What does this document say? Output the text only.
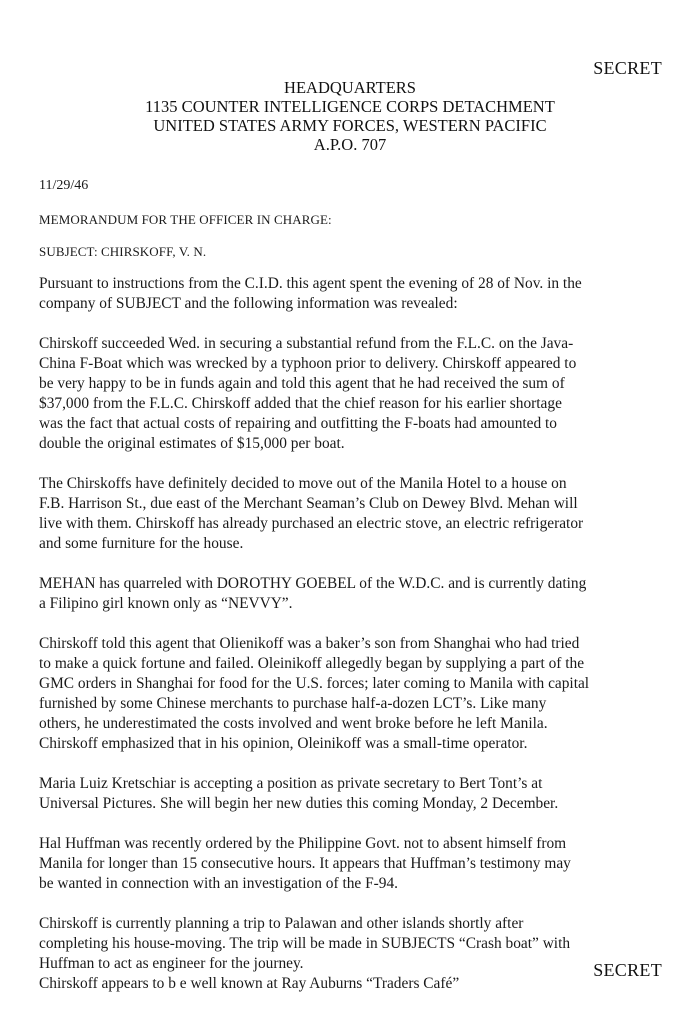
SECRET
HEADQUARTERS
1135 COUNTER INTELLIGENCE CORPS DETACHMENT
UNITED STATES ARMY FORCES, WESTERN PACIFIC
A.P.O. 707
11/29/46
MEMORANDUM FOR THE OFFICER IN CHARGE:
SUBJECT: CHIRSKOFF, V. N.
Pursuant to instructions from the C.I.D. this agent spent the evening of 28 of Nov. in the
company of SUBJECT and the following information was revealed:
Chirskoff succeeded Wed. in securing a substantial refund from the F.L.C. on the Java-
China F-Boat which was wrecked by a typhoon prior to delivery. Chirskoff appeared to
be very happy to be in funds again and told this agent that he had received the sum of
$37,000 from the F.L.C. Chirskoff added that the chief reason for his earlier shortage
was the fact that actual costs of repairing and outfitting the F-boats had amounted to
double the original estimates of $15,000 per boat.
The Chirskoffs have definitely decided to move out of the Manila Hotel to a house on
F.B. Harrison St., due east of the Merchant Seaman’s Club on Dewey Blvd. Mehan will
live with them. Chirskoff has already purchased an electric stove, an electric refrigerator
and some furniture for the house.
MEHAN has quarreled with DOROTHY GOEBEL of the W.D.C. and is currently dating
a Filipino girl known only as “NEVVY”.
Chirskoff told this agent that Olienikoff was a baker’s son from Shanghai who had tried
to make a quick fortune and failed. Oleinikoff allegedly began by supplying a part of the
GMC orders in Shanghai for food for the U.S. forces; later coming to Manila with capital
furnished by some Chinese merchants to purchase half-a-dozen LCT’s. Like many
others, he underestimated the costs involved and went broke before he left Manila.
Chirskoff emphasized that in his opinion, Oleinikoff was a small-time operator.
Maria Luiz Kretschiar is accepting a position as private secretary to Bert Tont’s at
Universal Pictures. She will begin her new duties this coming Monday, 2 December.
Hal Huffman was recently ordered by the Philippine Govt. not to absent himself from
Manila for longer than 15 consecutive hours. It appears that Huffman’s testimony may
be wanted in connection with an investigation of the F-94.
Chirskoff is currently planning a trip to Palawan and other islands shortly after
completing his house-moving. The trip will be made in SUBJECTS “Crash boat” with
Huffman to act as engineer for the journey.
Chirskoff appears to b e well known at Ray Auburns “Traders Café”
SECRET
